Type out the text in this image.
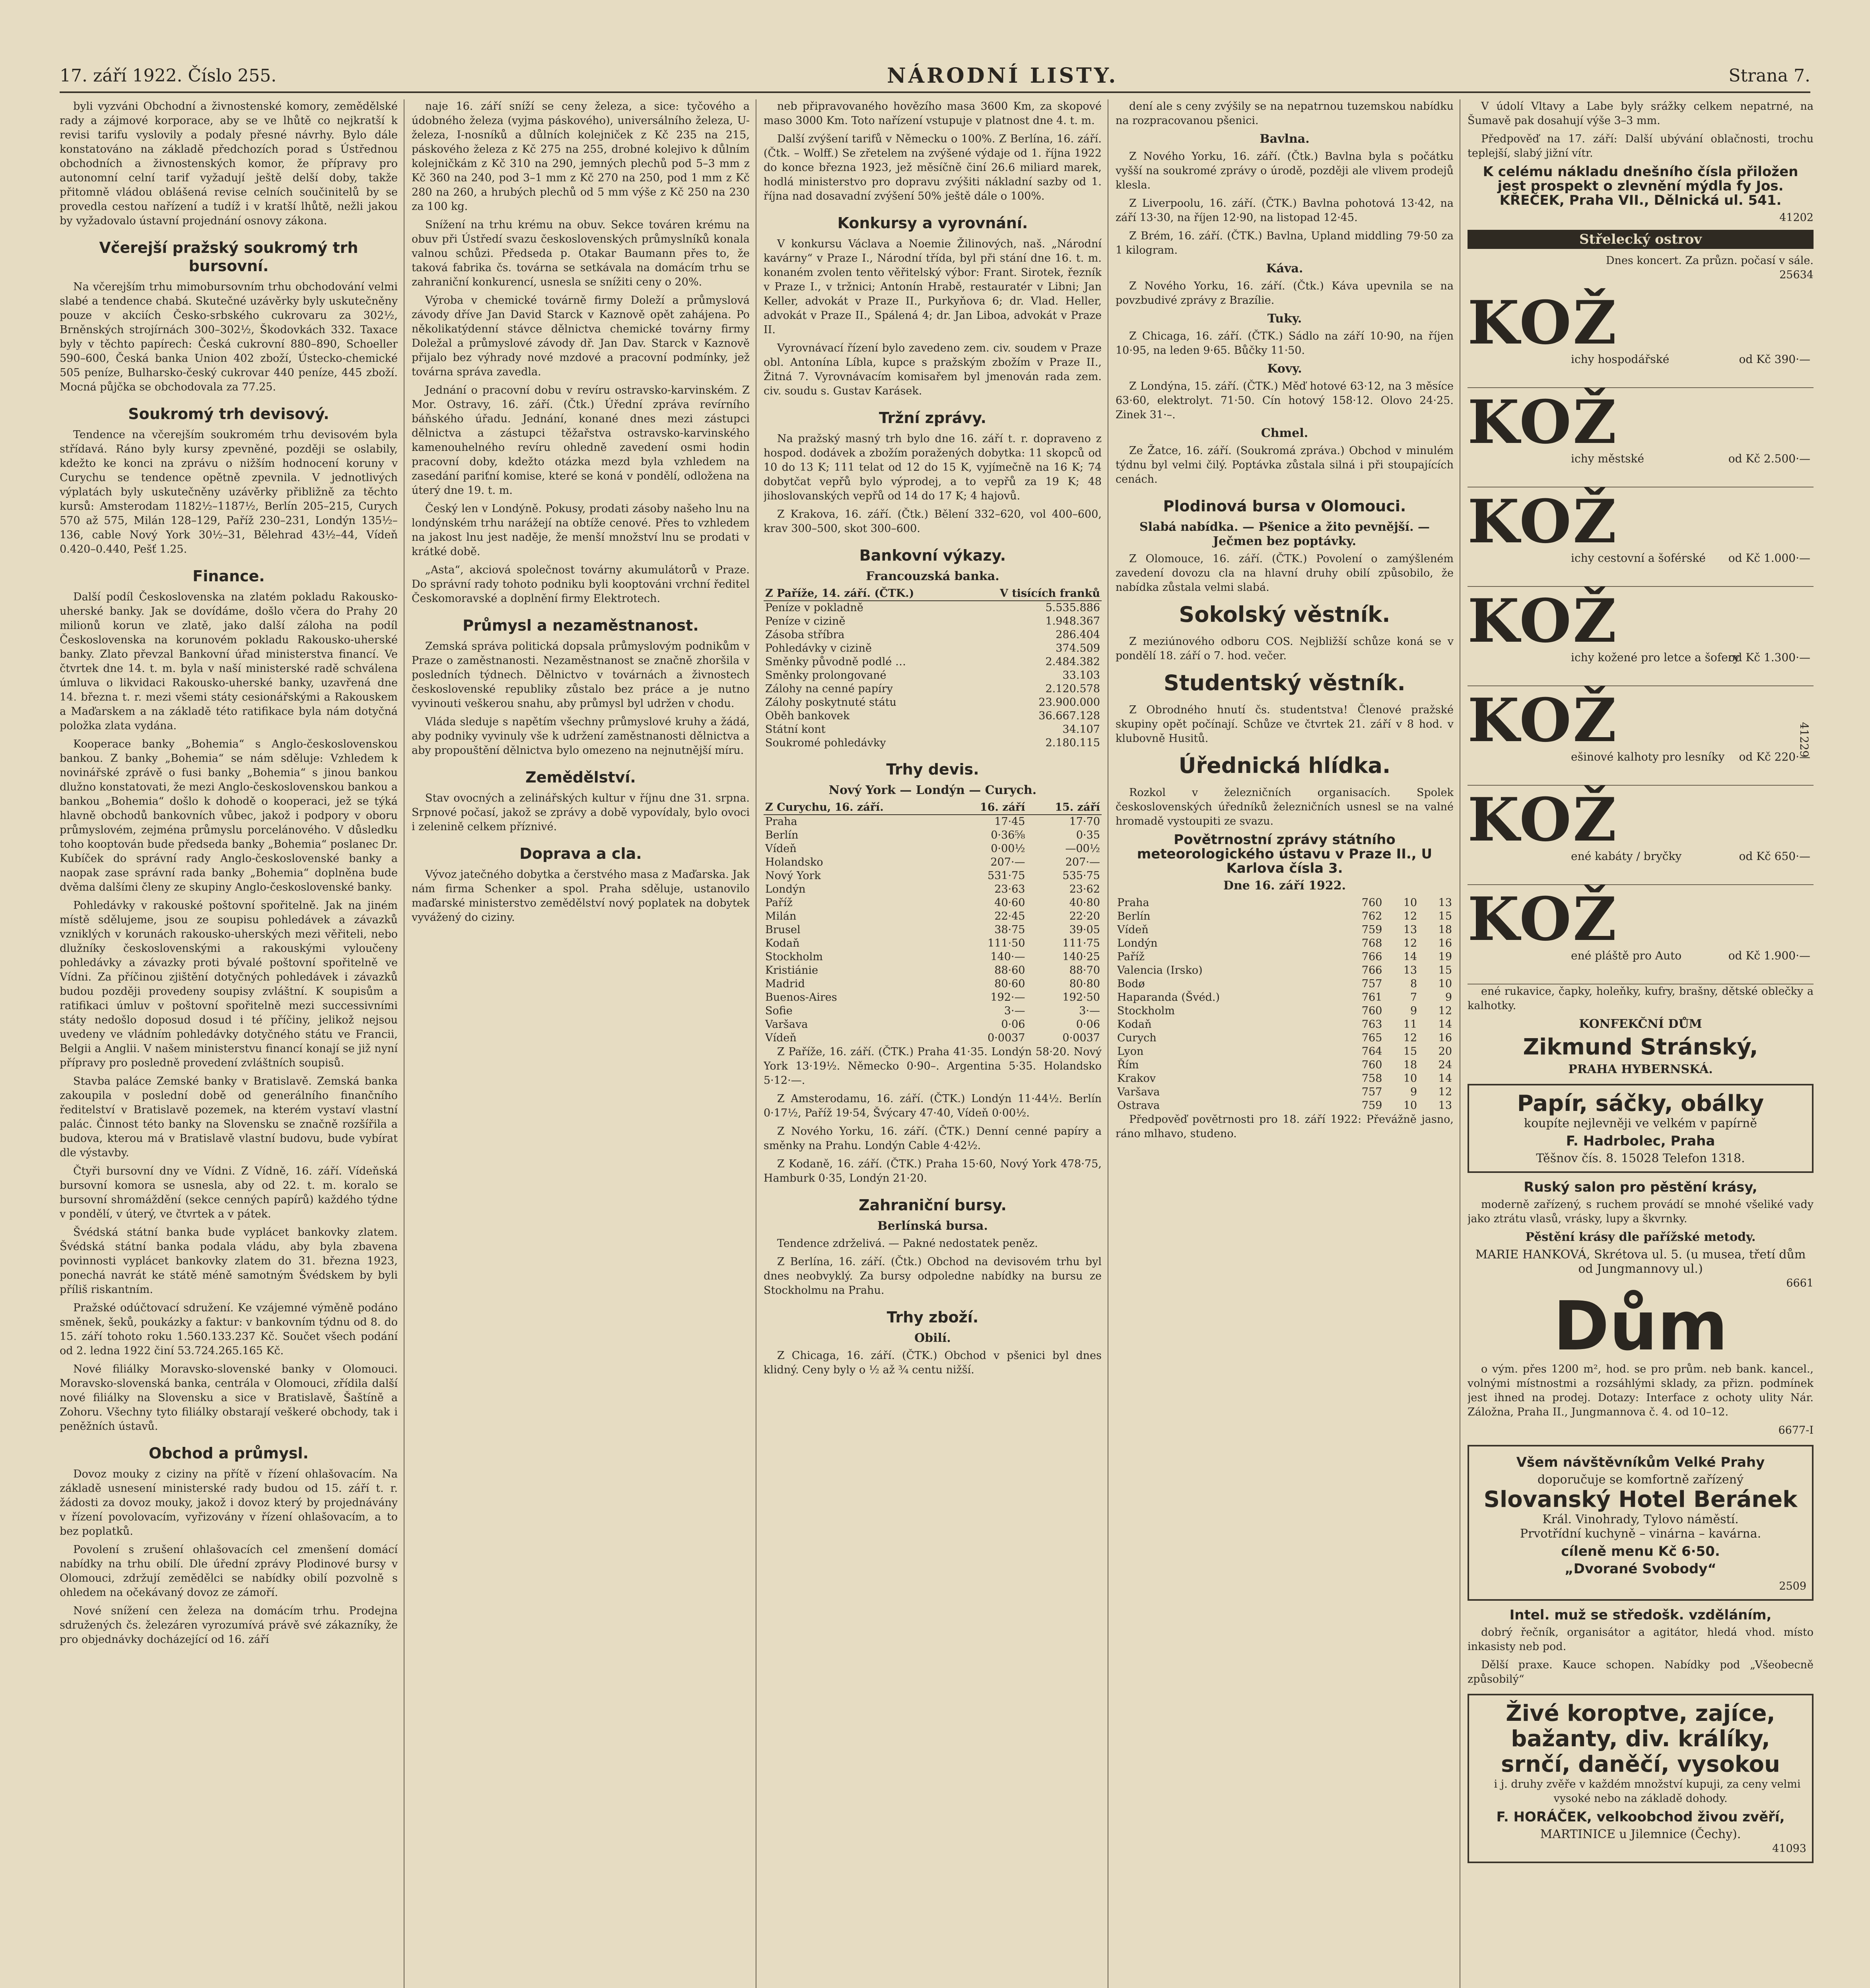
17. září 1922. Číslo 255.	NÁRODNÍ LISTY.	Strana 7.

byli vyzváni Obchodní a živnostenské komory, zemědělské rady a zájmové korporace, aby se ve lhůtě co nejkratší k revisi tarifu vyslovily a podaly přesné návrhy. Bylo dále konstatováno na základě předchozích porad s Ústřednou obchodních a živnostenských komor, že přípravy pro autonomní celní tarif vyžadují ještě delší doby, takže přitomně vládou oblášená revise celních součinitelů by se provedla cestou nařízení a tudíž i v kratší lhůtě, nežli jakou by vyžadovalo ústavní projednání osnovy zákona.

Včerejší pražský soukromý trh bursovní.

Na včerejším trhu mimobursovním trhu obchodování velmi slabé a tendence chabá. Skutečné uzávěrky byly uskutečněny pouze v akciích Česko-srbského cukrovaru za 302½, Brněnských strojírnách 300–302½, Škodovkách 332. Taxace byly v těchto papírech: Česká cukrovní 880–890, Schoeller 590–600, Česká banka Union 402 zboží, Ústecko-chemické 505 peníze, Bulharsko-český cukrovar 440 peníze, 445 zboží. Mocná půjčka se obchodovala za 77.25.

Soukromý trh devisový.

Tendence na včerejším soukromém trhu devisovém byla střídavá. Ráno byly kursy zpevněné, později se oslabily, kdežto ke konci na zprávu o nižším hodnocení koruny v Curychu se tendence opětně zpevnila. V jednotlivých výplatách byly uskutečněny uzávěrky přibližně za těchto kursů: Amsterodam 1182½–1187½, Berlín 205–215, Curych 570 až 575, Milán 128–129, Paříž 230–231, Londýn 135½–136, cable Nový York 30½–31, Bělehrad 43½–44, Vídeň 0.420–0.440, Pešť 1.25.

Finance.

Další podíl Československa na zlatém pokladu Rakousko-uherské banky. Jak se dovídáme, došlo včera do Prahy 20 milionů korun ve zlatě, jako další záloha na podíl Československa na korunovém pokladu Rakousko-uherské banky. Zlato převzal Bankovní úřad ministerstva financí. Ve čtvrtek dne 14. t. m. byla v naší ministerské radě schválena úmluva o likvidaci Rakousko-uherské banky, uzavřená dne 14. března t. r. mezi všemi státy cesionářskými a Rakouskem a Maďarskem a na základě této ratifikace byla nám dotyčná položka zlata vydána.

Kooperace banky „Bohemia“ s Anglo-československou bankou. Z banky „Bohemia“ se nám sděluje: Vzhledem k novinářské zprávě o fusi banky „Bohemia“ s jinou bankou dlužno konstatovati, že mezi Anglo-československou bankou a bankou „Bohemia“ došlo k dohodě o kooperaci, jež se týká hlavně obchodů bankovních vůbec, jakož i podpory v oboru průmyslovém, zejména průmyslu porcelánového. V důsledku toho kooptován bude předseda banky „Bohemia“ poslanec Dr. Kubíček do správní rady Anglo-československé banky a naopak zase správní rada banky „Bohemia“ doplněna bude dvěma dalšími členy ze skupiny Anglo-československé banky.

Pohledávky v rakouské poštovní spořitelně. Jak na jiném místě sdělujeme, jsou ze soupisu pohledávek a závazků vzniklých v korunách rakousko-uherských mezi věřiteli, nebo dlužníky československými a rakouskými vyloučeny pohledávky a závazky proti bývalé poštovní spořitelně ve Vídni. Za příčinou zjištění dotyčných pohledávek i závazků budou později provedeny soupisy zvláštní. K soupisům a ratifikaci úmluv v poštovní spořitelně mezi successivními státy nedošlo doposud dosud i té příčiny, jelikož nejsou uvedeny ve vládním pohledávky dotyčného státu ve Francii, Belgii a Anglii. V našem ministerstvu financí konají se již nyní přípravy pro posledně provedení zvláštních soupisů.

Stavba paláce Zemské banky v Bratislavě. Zemská banka zakoupila v poslední době od generálního finančního ředitelství v Bratislavě pozemek, na kterém vystaví vlastní palác. Činnost této banky na Slovensku se značně rozšířila a budova, kterou má v Bratislavě vlastní budovu, bude vybírat dle výstavby.

Čtyři bursovní dny ve Vídni. Z Vídně, 16. září. Vídeňská bursovní komora se usnesla, aby od 22. t. m. koralo se bursovní shromáždění (sekce cenných papírů) každého týdne v pondělí, v úterý, ve čtvrtek a v pátek.

Švédská státní banka bude vyplácet bankovky zlatem. Švédská státní banka podala vládu, aby byla zbavena povinnosti vyplácet bankovky zlatem do 31. března 1923, ponechá navrát ke státě méně samotným Švédskem by byli příliš riskantním.

Pražské odúčtovací sdružení. Ke vzájemné výměně podáno směnek, šeků, poukázky a faktur: v bankovním týdnu od 8. do 15. září tohoto roku 1.560.133.237 Kč. Součet všech podání od 2. ledna 1922 činí 53.724.265.165 Kč.

Nové filiálky Moravsko-slovenské banky v Olomouci. Moravsko-slovenská banka, centrála v Olomouci, zřídila další nové filiálky na Slovensku a sice v Bratislavě, Šaštíně a Zohoru. Všechny tyto filiálky obstarají veškeré obchody, tak i peněžních ústavů.

Obchod a průmysl.

Dovoz mouky z ciziny na přítě v řízení ohlašovacím. Na základě usnesení ministerské rady budou od 15. září t. r. žádosti za dovoz mouky, jakož i dovoz který by projednávány v řízení povolovacím, vyřizovány v řízení ohlašovacím, a to bez poplatků.

Povolení s zrušení ohlašovacích cel zmenšení domácí nabídky na trhu obilí. Dle úřední zprávy Plodinové bursy v Olomouci, zdržují zemědělci se nabídky obilí pozvolně s ohledem na očekávaný dovoz ze zámoří.

Nové snížení cen železa na domácím trhu. Prodejna sdružených čs. železáren vyrozumívá právě své zákazníky, že pro objednávky docházející od 16. září

naje 16. září sníží se ceny železa, a sice: tyčového a údobného železa (vyjma páskového), universálního železa, U-železa, I-nosníků a důlních kolejniček z Kč 235 na 215, páskového železa z Kč 275 na 255, drobné kolejivo k důlním kolejničkám z Kč 310 na 290, jemných plechů pod 5–3 mm z Kč 360 na 240, pod 3–1 mm z Kč 270 na 250, pod 1 mm z Kč 280 na 260, a hrubých plechů od 5 mm výše z Kč 250 na 230 za 100 kg.

Snížení na trhu krému na obuv. Sekce továren krému na obuv při Ústředí svazu československých průmyslníků konala valnou schůzi. Předseda p. Otakar Baumann přes to, že taková fabrika čs. továrna se setkávala na domácím trhu se zahraniční konkurencí, usnesla se snížiti ceny o 20%.

Výroba v chemické továrně firmy Doleží a průmyslová závody dříve Jan David Starck v Kaznově opět zahájena. Po několikatýdenní stávce dělnictva chemické továrny firmy Doležal a průmyslové závody dř. Jan Dav. Starck v Kaznově přijalo bez výhrady nové mzdové a pracovní podmínky, jež továrna správa zavedla.

Jednání o pracovní dobu v revíru ostravsko-karvinském. Z Mor. Ostravy, 16. září. (Čtk.) Úřední zpráva revírního báňského úřadu. Jednání, konané dnes mezi zástupci dělnictva a zástupci těžařstva ostravsko-karvinského kamenouhelného revíru ohledně zavedení osmi hodin pracovní doby, kdežto otázka mezd byla vzhledem na zasedání pariťní komise, které se koná v pondělí, odložena na úterý dne 19. t. m.

Český len v Londýně. Pokusy, prodati zásoby našeho lnu na londýnském trhu narážejí na obtíže cenové. Přes to vzhledem na jakost lnu jest naděje, že menší množství lnu se prodati v krátké době.

„Asta“, akciová společnost továrny akumulátorů v Praze. Do správní rady tohoto podniku byli kooptováni vrchní ředitel Českomoravské a doplnění firmy Elektrotech.

Průmysl a nezaměstnanost.

Zemská správa politická dopsala průmyslovým podnikům v Praze o zaměstnanosti. Nezaměstnanost se značně zhoršila v posledních týdnech. Dělnictvo v továrnách a živnostech československé republiky zůstalo bez práce a je nutno vyvinouti veškerou snahu, aby průmysl byl udržen v chodu.

Vláda sleduje s napětím všechny průmyslové kruhy a žádá, aby podniky vyvinuly vše k udržení zaměstnanosti dělnictva a aby propouštění dělnictva bylo omezeno na nejnutnější míru.

Zemědělství.

Stav ovocných a zelinářských kultur v říjnu dne 31. srpna. Srpnové počasí, jakož se zprávy a době vypovídaly, bylo ovoci i zelenině celkem příznivé.

Doprava a cla.

Vývoz jatečného dobytka a čerstvého masa z Maďarska. Jak nám firma Schenker a spol. Praha sděluje, ustanovilo maďarské ministerstvo zemědělství nový poplatek na dobytek vyvážený do ciziny.

neb připravovaného hovězího masa 3600 Km, za skopové maso 3000 Km. Toto nařízení vstupuje v platnost dne 4. t. m.

Další zvýšení tarifů v Německu o 100%. Z Berlína, 16. září. (Čtk. – Wolff.) Se zřetelem na zvýšené výdaje od 1. října 1922 do konce března 1923, jež měsíčně činí 26.6 miliard marek, hodlá ministerstvo pro dopravu zvýšiti nákladní sazby od 1. října nad dosavadní zvýšení 50% ještě dále o 100%.

Konkursy a vyrovnání.

V konkursu Václava a Noemie Žilinových, naš. „Národní kavárny“ v Praze I., Národní třída, byl při stání dne 16. t. m. konaném zvolen tento věřitelský výbor: Frant. Sirotek, řezník v Praze I., v tržnici; Antonín Hrabě, restauratér v Libni; Jan Keller, advokát v Praze II., Purkyňova 6; dr. Vlad. Heller, advokát v Praze II., Spálená 4; dr. Jan Liboa, advokát v Praze II.

Vyrovnávací řízení bylo zavedeno zem. civ. soudem v Praze obl. Antonína Líbla, kupce s pražským zbožím v Praze II., Žitná 7. Vyrovnávacím komisařem byl jmenován rada zem. civ. soudu s. Gustav Karásek.

Tržní zprávy.

Na pražský masný trh bylo dne 16. září t. r. dopraveno z hospod. dodávek a zbožím poražených dobytka: 11 skopců od 10 do 13 K; 111 telat od 12 do 15 K, vyjímečně na 16 K; 74 dobytčat vepřů bylo výprodej, a to vepřů za 19 K; 48 jihoslovanských vepřů od 14 do 17 K; 4 hajovů.

Z Krakova, 16. září. (Čtk.) Bělení 332–620, vol 400–600, krav 300–500, skot 300–600.

Bankovní výkazy.
Francouzská banka.
Z Paříže, 14. září. (ČTK.)	V tisících franků
Peníze v pokladně	5.535.886
Peníze v cizině	1.948.367
Zásoba stříbra	286.404
Pohledávky v cizině	374.509
Směnky původně podlé …	2.484.382
Směnky prolongované	33.103
Zálohy na cenné papíry	2.120.578
Zálohy poskytnuté státu	23.900.000
Oběh bankovek	36.667.128
Státní kont	34.107
Soukromé pohledávky	2.180.115
Trhy devis.
Nový York — Londýn — Curych.
Z Curychu, 16. září.	16. září	15. září
Praha	17·45	17·70
Berlín	0·36⅝	0·35
Vídeň	0·00½	—00½
Holandsko	207·—	207·—
Nový York	531·75	535·75
Londýn	23·63	23·62
Paříž	40·60	40·80
Milán	22·45	22·20
Brusel	38·75	39·05
Kodaň	111·50	111·75
Stockholm	140·—	140·25
Kristiánie	88·60	88·70
Madrid	80·60	80·80
Buenos-Aires	192·—	192·50
Sofie	3·—	3·—
Varšava	0·06	0·06
Vídeň	0·0037	0·0037

Z Paříže, 16. září. (ČTK.) Praha 41·35. Londýn 58·20. Nový York 13·19½. Německo 0·90–. Argentina 5·35. Holandsko 5·12·—.

Z Amsterodamu, 16. září. (ČTK.) Londýn 11·44½. Berlín 0·17½, Paříž 19·54, Švýcary 47·40, Vídeň 0·00½.

Z Nového Yorku, 16. září. (ČTK.) Denní cenné papíry a směnky na Prahu. Londýn Cable 4·42½.

Z Kodaně, 16. září. (ČTK.) Praha 15·60, Nový York 478·75, Hamburk 0·35, Londýn 21·20.

Zahraniční bursy.
Berlínská bursa.

Tendence zdrželivá. — Pakné nedostatek peněz.

Z Berlína, 16. září. (Čtk.) Obchod na devisovém trhu byl dnes neobvyklý. Za bursy odpoledne nabídky na bursu ze Stockholmu na Prahu.

Trhy zboží.
Obilí.

Z Chicaga, 16. září. (ČTK.) Obchod v pšenici byl dnes klidný. Ceny byly o ½ až ¾ centu nižší.

dení ale s ceny zvýšily se na nepatrnou tuzemskou nabídku na rozpracovanou pšenici.

Bavlna.

Z Nového Yorku, 16. září. (Čtk.) Bavlna byla s počátku vyšší na soukromé zprávy o úrodě, později ale vlivem prodejů klesla.

Z Liverpoolu, 16. září. (ČTK.) Bavlna pohotová 13·42, na září 13·30, na říjen 12·90, na listopad 12·45.

Z Brém, 16. září. (ČTK.) Bavlna, Upland middling 79·50 za 1 kilogram.

Káva.

Z Nového Yorku, 16. září. (Čtk.) Káva upevnila se na povzbudivé zprávy z Brazílie.

Tuky.

Z Chicaga, 16. září. (ČTK.) Sádlo na září 10·90, na říjen 10·95, na leden 9·65. Bůčky 11·50.

Kovy.

Z Londýna, 15. září. (ČTK.) Měď hotové 63·12, na 3 měsíce 63·60, elektrolyt. 71·50. Cín hotový 158·12. Olovo 24·25. Zinek 31·–.

Chmel.

Ze Žatce, 16. září. (Soukromá zpráva.) Obchod v minulém týdnu byl velmi čilý. Poptávka zůstala silná i při stoupajících cenách.

Plodinová bursa v Olomouci.
Slabá nabídka. — Pšenice a žito pevnější. — Ječmen bez poptávky.

Z Olomouce, 16. září. (ČTK.) Povolení o zamýšleném zavedení dovozu cla na hlavní druhy obilí způsobilo, že nabídka zůstala velmi slabá.

Sokolský věstník.

Z meziúnového odboru COS. Nejbližší schůze koná se v pondělí 18. září o 7. hod. večer.

Studentský věstník.

Z Obrodného hnutí čs. studentstva! Členové pražské skupiny opět počínají. Schůze ve čtvrtek 21. září v 8 hod. v klubovně Husitů.

Úřednická hlídka.

Rozkol v železničních organisacích. Spolek československých úředníků železničních usnesl se na valné hromadě vystoupiti ze svazu.

Povětrnostní zprávy státního meteorologického ústavu v Praze II., U Karlova čísla 3.
Dne 16. září 1922.
Praha	760	10	13
Berlín	762	12	15
Vídeň	759	13	18
Londýn	768	12	16
Paříž	766	14	19
Valencia (Irsko)	766	13	15
Bodø	757	8	10
Haparanda (Švéd.)	761	7	9
Stockholm	760	9	12
Kodaň	763	11	14
Curych	765	12	16
Lyon	764	15	20
Řím	760	18	24
Krakov	758	10	14
Varšava	757	9	12
Ostrava	759	10	13

Předpověď povětrnosti pro 18. září 1922: Převážně jasno, ráno mlhavo, studeno.

V údolí Vltavy a Labe byly srážky celkem nepatrné, na Šumavě pak dosahují výše 3–3 mm.

Předpověď na 17. září: Další ubývání oblačnosti, trochu teplejší, slabý jižní vítr.

K celému nákladu dnešního čísla přiložen jest prospekt o zlevnění mýdla fy Jos. KŘEČEK, Praha VII., Dělnická ul. 541.
41202
Střelecký ostrov
Dnes koncert. Za průzn. počasí v sále.
25634
41229
KOŽ
ichy hospodářské	od Kč 390·—
KOŽ
ichy městské	od Kč 2.500·—
KOŽ
ichy cestovní a šoférské od Kč 1.000·—
KOŽ
ichy kožené pro letce a šofery
od Kč 1.300·—
KOŽ
ešinové kalhoty pro lesníky od Kč 220·—
KOŽ
ené kabáty / bryčky	od Kč 650·—
KOŽ
ené pláště pro Auto	od Kč 1.900·—

ené rukavice, čapky, holeňky, kufry, brašny, dětské oblečky a kalhotky.

KONFEKČNÍ DŮM
Zikmund Stránský,
PRAHA HYBERNSKÁ.
Papír, sáčky, obálky
koupíte nejlevněji ve velkém v papírně
F. Hadrbolec, Praha
Těšnov čís. 8. 15028 Telefon 1318.
Ruský salon pro pěstění krásy,

moderně zařízený, s ruchem provádí se mnohé všeliké vady jako ztrátu vlasů, vrásky, lupy a škvrnky.

Pěstění krásy dle pařížské metody.
MARIE HANKOVÁ, Skrétova ul. 5. (u musea, třetí dům od Jungmannovy ul.)
6661
Dům

o vým. přes 1200 m², hod. se pro prům. neb bank. kancel., volnými místnostmi a rozsáhlými sklady, za přizn. podmínek jest ihned na prodej. Dotazy: Interface z ochoty ulity Nár. Záložna, Praha II., Jungmannova č. 4. od 10–12.

6677-I
Všem návštěvníkům Velké Prahy
doporučuje se komfortně zařízený
Slovanský Hotel Beránek
Král. Vinohrady, Tylovo náměstí.
Prvotřídní kuchyně – vinárna – kavárna.
cíleně menu Kč 6·50.
„Dvorané Svobody“
2509
Intel. muž se středošk. vzděláním,

dobrý řečník, organisátor a agitátor, hledá vhod. místo inkasisty neb pod.

Dělší praxe. Kauce schopen. Nabídky pod „Všeobecně způsobilý“

Živé koroptve, zajíce, bažanty, div. králíky, srnčí, daněčí, vysokou

i j. druhy zvěře v každém množství kupuji, za ceny velmi vysoké nebo na základě dohody.

F. HORÁČEK, velkoobchod živou zvěří,
MARTINICE u Jilemnice (Čechy).
41093
